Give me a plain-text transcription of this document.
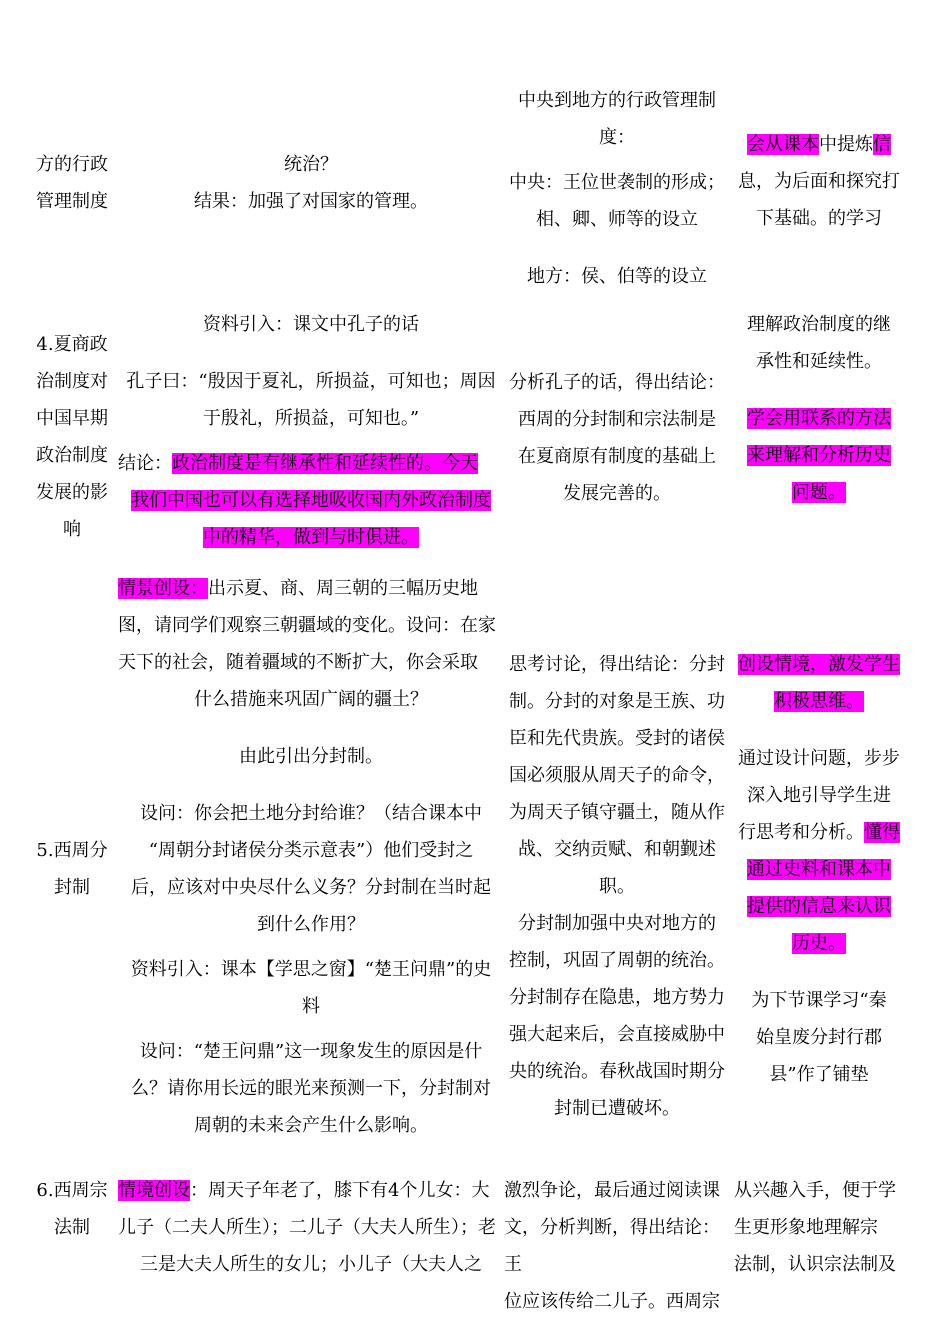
方的行政
管理制度
统治？
结果：加强了对国家的管理。
中央到地方的行政管理制
度：
中央：王位世袭制的形成；
相、卿、师等的设立
地方：侯、伯等的设立
会从课本中提炼信
息，为后面和探究打
下基础。的学习
4.夏商政
治制度对
中国早期
政治制度
发展的影
响
资料引入：课文中孔子的话
孔子曰：“殷因于夏礼，所损益，可知也；周因
于殷礼，所损益，可知也。”
结论：政治制度是有继承性和延续性的。今天
我们中国也可以有选择地吸收国内外政治制度
中的精华，做到与时俱进。
分析孔子的话，得出结论：
西周的分封制和宗法制是
在夏商原有制度的基础上
发展完善的。
理解政治制度的继
承性和延续性。
学会用联系的方法
来理解和分析历史
问题。
5.西周分
封制
情景创设：出示夏、商、周三朝的三幅历史地
图，请同学们观察三朝疆域的变化。设问：在家
天下的社会，随着疆域的不断扩大，你会采取
什么措施来巩固广阔的疆土？
由此引出分封制。
设问：你会把土地分封给谁？（结合课本中
“周朝分封诸侯分类示意表”）他们受封之
后，应该对中央尽什么义务？分封制在当时起
到什么作用？
资料引入：课本【学思之窗】“楚王问鼎”的史
料
设问：“楚王问鼎”这一现象发生的原因是什
么？请你用长远的眼光来预测一下，分封制对
周朝的未来会产生什么影响。
思考讨论，得出结论：分封
制。分封的对象是王族、功
臣和先代贵族。受封的诸侯
国必须服从周天子的命令，
为周天子镇守疆土，随从作
战、交纳贡赋、和朝觐述职。
分封制加强中央对地方的
控制，巩固了周朝的统治。
分封制存在隐患，地方势力
强大起来后，会直接威胁中
央的统治。春秋战国时期分
封制已遭破坏。
创设情境，激发学生
积极思维。
通过设计问题，步步
深入地引导学生进
行思考和分析。懂得
通过史料和课本中
提供的信息来认识
历史。
为下节课学习“秦
始皇废分封行郡
县”作了铺垫
6.西周宗
法制
情境创设：周天子年老了，膝下有4个儿女：大
儿子（二夫人所生）；二儿子（大夫人所生）；老
三是大夫人所生的女儿；小儿子（大夫人之
激烈争论，最后通过阅读课
文，分析判断，得出结论：王
位应该传给二儿子。西周宗
从兴趣入手，便于学
生更形象地理解宗
法制，认识宗法制及
